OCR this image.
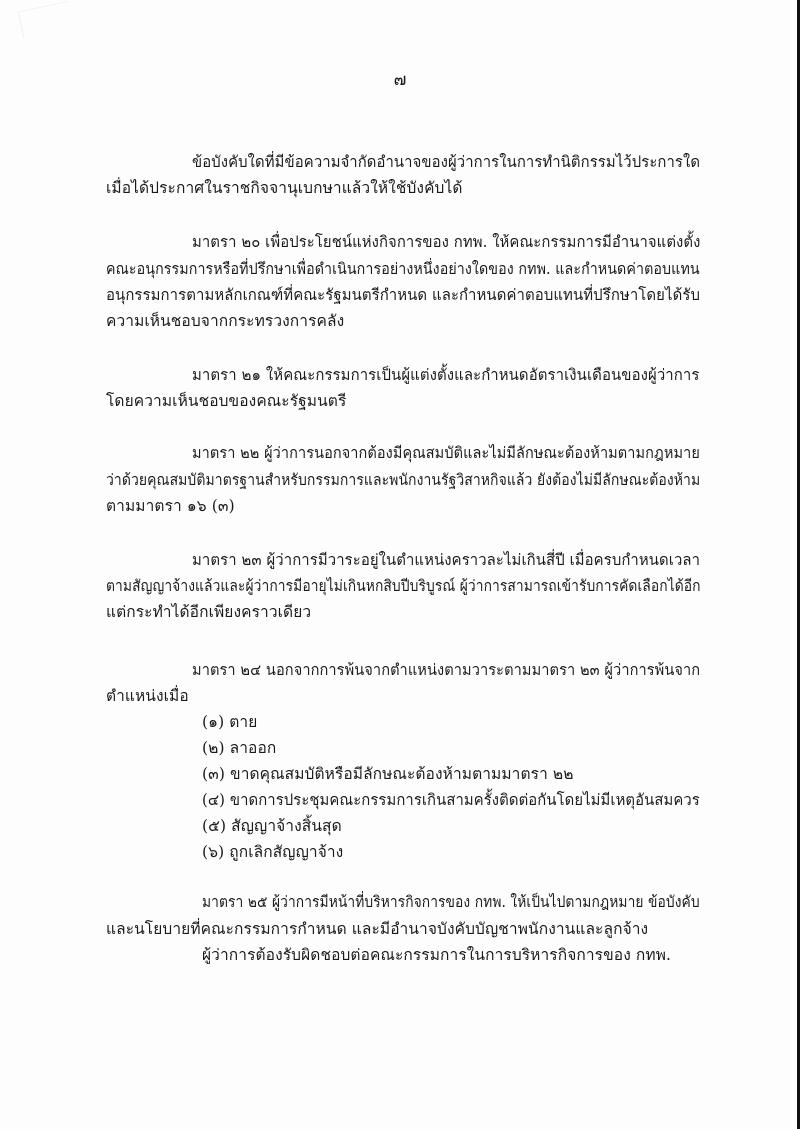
๗
ข้อบังคับใดที่มีข้อความจำกัดอำนาจของผู้ว่าการในการทำนิติกรรมไว้ประการใด
เมื่อได้ประกาศในราชกิจจานุเบกษาแล้วให้ใช้บังคับได้
มาตรา ๒๐ เพื่อประโยชน์แห่งกิจการของ กทพ. ให้คณะกรรมการมีอำนาจแต่งตั้ง
คณะอนุกรรมการหรือที่ปรึกษาเพื่อดำเนินการอย่างหนึ่งอย่างใดของ กทพ. และกำหนดค่าตอบแทน
อนุกรรมการตามหลักเกณฑ์ที่คณะรัฐมนตรีกำหนด และกำหนดค่าตอบแทนที่ปรึกษาโดยได้รับ
ความเห็นชอบจากกระทรวงการคลัง
มาตรา ๒๑ ให้คณะกรรมการเป็นผู้แต่งตั้งและกำหนดอัตราเงินเดือนของผู้ว่าการ
โดยความเห็นชอบของคณะรัฐมนตรี
มาตรา ๒๒ ผู้ว่าการนอกจากต้องมีคุณสมบัติและไม่มีลักษณะต้องห้ามตามกฎหมาย
ว่าด้วยคุณสมบัติมาตรฐานสำหรับกรรมการและพนักงานรัฐวิสาหกิจแล้ว ยังต้องไม่มีลักษณะต้องห้าม
ตามมาตรา ๑๖ (๓)
มาตรา ๒๓ ผู้ว่าการมีวาระอยู่ในตำแหน่งคราวละไม่เกินสี่ปี เมื่อครบกำหนดเวลา
ตามสัญญาจ้างแล้วและผู้ว่าการมีอายุไม่เกินหกสิบปีบริบูรณ์ ผู้ว่าการสามารถเข้ารับการคัดเลือกได้อีก
แต่กระทำได้อีกเพียงคราวเดียว
มาตรา ๒๔ นอกจากการพ้นจากตำแหน่งตามวาระตามมาตรา ๒๓ ผู้ว่าการพ้นจาก
ตำแหน่งเมื่อ
(๑) ตาย
(๒) ลาออก
(๓) ขาดคุณสมบัติหรือมีลักษณะต้องห้ามตามมาตรา ๒๒
(๔) ขาดการประชุมคณะกรรมการเกินสามครั้งติดต่อกันโดยไม่มีเหตุอันสมควร
(๕) สัญญาจ้างสิ้นสุด
(๖) ถูกเลิกสัญญาจ้าง
มาตรา ๒๕ ผู้ว่าการมีหน้าที่บริหารกิจการของ กทพ. ให้เป็นไปตามกฎหมาย ข้อบังคับ
และนโยบายที่คณะกรรมการกำหนด และมีอำนาจบังคับบัญชาพนักงานและลูกจ้าง
ผู้ว่าการต้องรับผิดชอบต่อคณะกรรมการในการบริหารกิจการของ กทพ.
